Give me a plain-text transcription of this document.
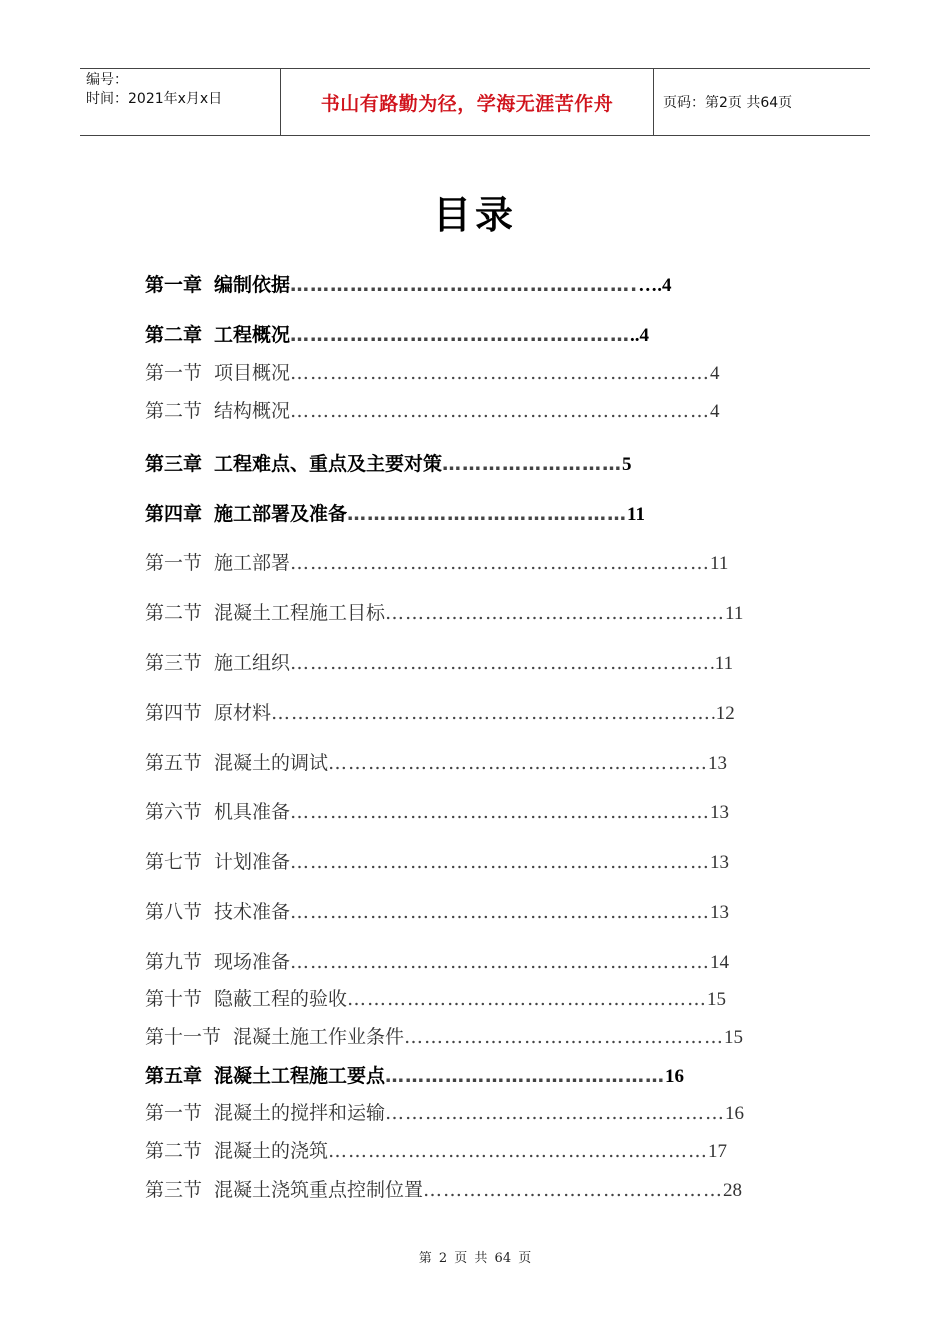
编号：
时间：2021年x月x日	书山有路勤为径，学海无涯苦作舟	页码：第2页 共64页
目录
第一章 编制依据 ……………………………………………. ….4
第二章 工程概况 …………………………………………… ..4
第一节 项目概况 ……………………………………………………… 4
第二节 结构概况 ……………………………………………………… 4
第三章 工程难点、重点及主要对策 ……………………… 5
第四章 施工部署及准备 …………………………………… 11
第一节 施工部署 ……………………………………………………… 11
第二节 混凝土工程施工目标 …………………………………………… 11
第三节 施工组织 ……………………………………………………… .11
第四节 原材料 ………………………………………………………… .12
第五节 混凝土的调试 ………………………………………………… 13
第六节 机具准备 ……………………………………………………… 13
第七节 计划准备 ……………………………………………………… 13
第八节 技术准备 ……………………………………………………… 13
第九节 现场准备 ……………………………………………………… 14
第十节 隐蔽工程的验收 ……………………………………………… 15
第十一节 混凝土施工作业条件 ………………………………………… 15
第五章 混凝土工程施工要点 …………………………………… 16
第一节 混凝土的搅拌和运输 …………………………………………… 16
第二节 混凝土的浇筑 ………………………………………………… 17
第三节 混凝土浇筑重点控制位置 ……………………………………… 28
第 2 页 共 64 页
